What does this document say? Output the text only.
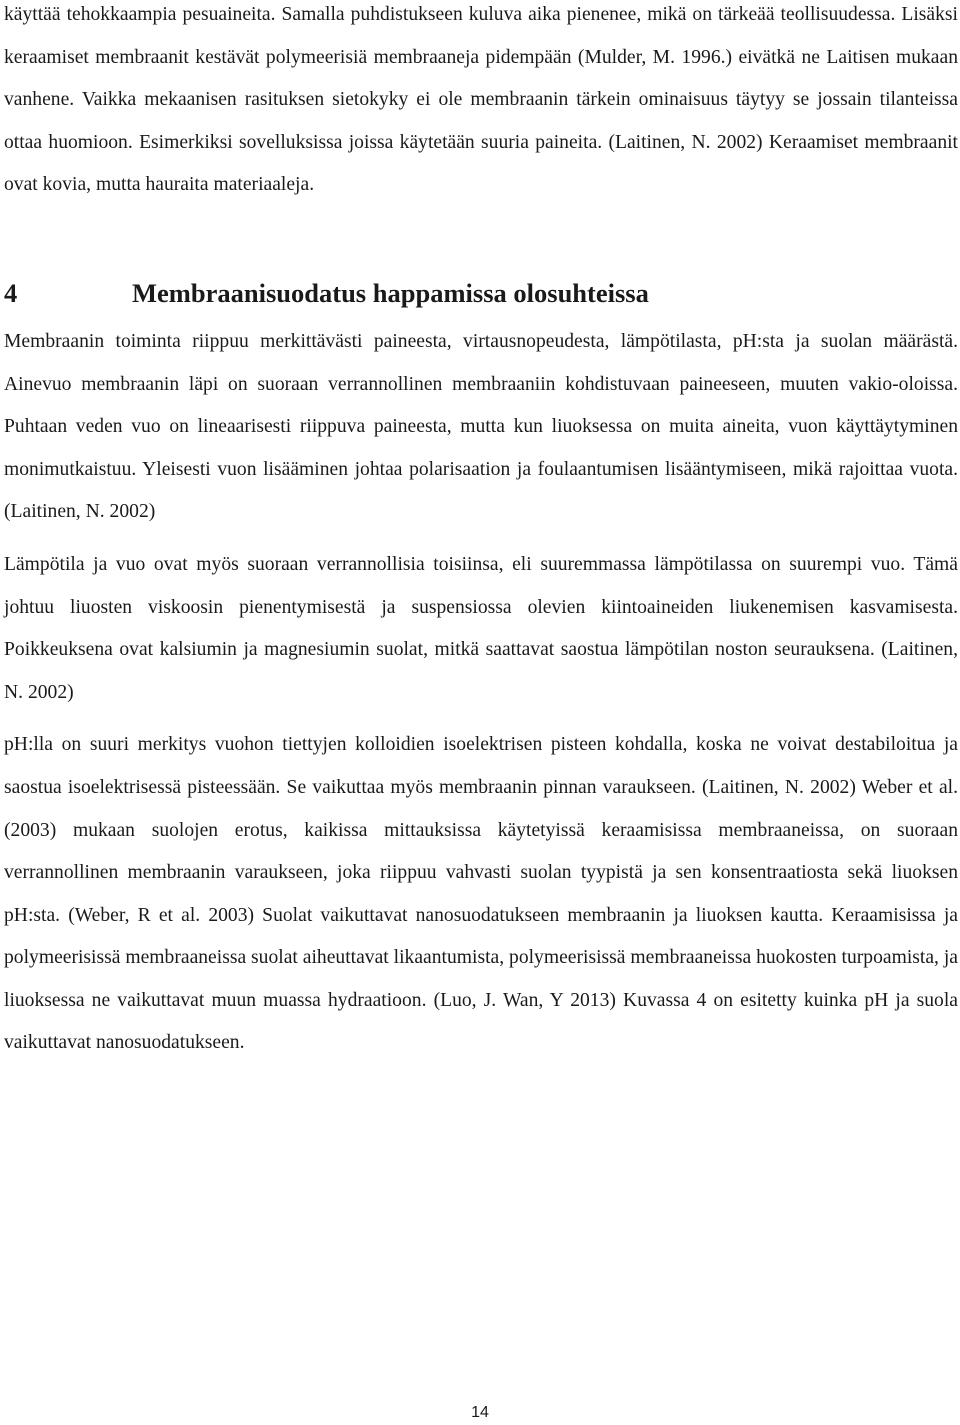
käyttää tehokkaampia pesuaineita. Samalla puhdistukseen kuluva aika pienenee, mikä on tärkeää teollisuudessa. Lisäksi keraamiset membraanit kestävät polymeerisiä membraaneja pidempään (Mulder, M. 1996.) eivätkä ne Laitisen mukaan vanhene. Vaikka mekaanisen rasituksen sietokyky ei ole membraanin tärkein ominaisuus täytyy se jossain tilanteissa ottaa huomioon. Esimerkiksi sovelluksissa joissa käytetään suuria paineita. (Laitinen, N. 2002) Keraamiset membraanit ovat kovia, mutta hauraita materiaaleja.

4	Membraanisuodatus happamissa olosuhteissa

Membraanin toiminta riippuu merkittävästi paineesta, virtausnopeudesta, lämpötilasta, pH:sta ja suolan määrästä. Ainevuo membraanin läpi on suoraan verrannollinen membraaniin kohdistuvaan paineeseen, muuten vakio-oloissa. Puhtaan veden vuo on lineaarisesti riippuva paineesta, mutta kun liuoksessa on muita aineita, vuon käyttäytyminen monimutkaistuu. Yleisesti vuon lisääminen johtaa polarisaation ja foulaantumisen lisääntymiseen, mikä rajoittaa vuota. (Laitinen, N. 2002)

Lämpötila ja vuo ovat myös suoraan verrannollisia toisiinsa, eli suuremmassa lämpötilassa on suurempi vuo. Tämä johtuu liuosten viskoosin pienentymisestä ja suspensiossa olevien kiintoaineiden liukenemisen kasvamisesta. Poikkeuksena ovat kalsiumin ja magnesiumin suolat, mitkä saattavat saostua lämpötilan noston seurauksena. (Laitinen, N. 2002)

pH:lla on suuri merkitys vuohon tiettyjen kolloidien isoelektrisen pisteen kohdalla, koska ne voivat destabiloitua ja saostua isoelektrisessä pisteessään. Se vaikuttaa myös membraanin pinnan varaukseen. (Laitinen, N. 2002) Weber et al. (2003) mukaan suolojen erotus, kaikissa mittauksissa käytetyissä keraamisissa membraaneissa, on suoraan verrannollinen membraanin varaukseen, joka riippuu vahvasti suolan tyypistä ja sen konsentraatiosta sekä liuoksen pH:sta. (Weber, R et al. 2003) Suolat vaikuttavat nanosuodatukseen membraanin ja liuoksen kautta. Keraamisissa ja polymeerisissä membraaneissa suolat aiheuttavat likaantumista, polymeerisissä membraaneissa huokosten turpoamista, ja liuoksessa ne vaikuttavat muun muassa hydraatioon. (Luo, J. Wan, Y 2013) Kuvassa 4 on esitetty kuinka pH ja suola vaikuttavat nanosuodatukseen.

14
